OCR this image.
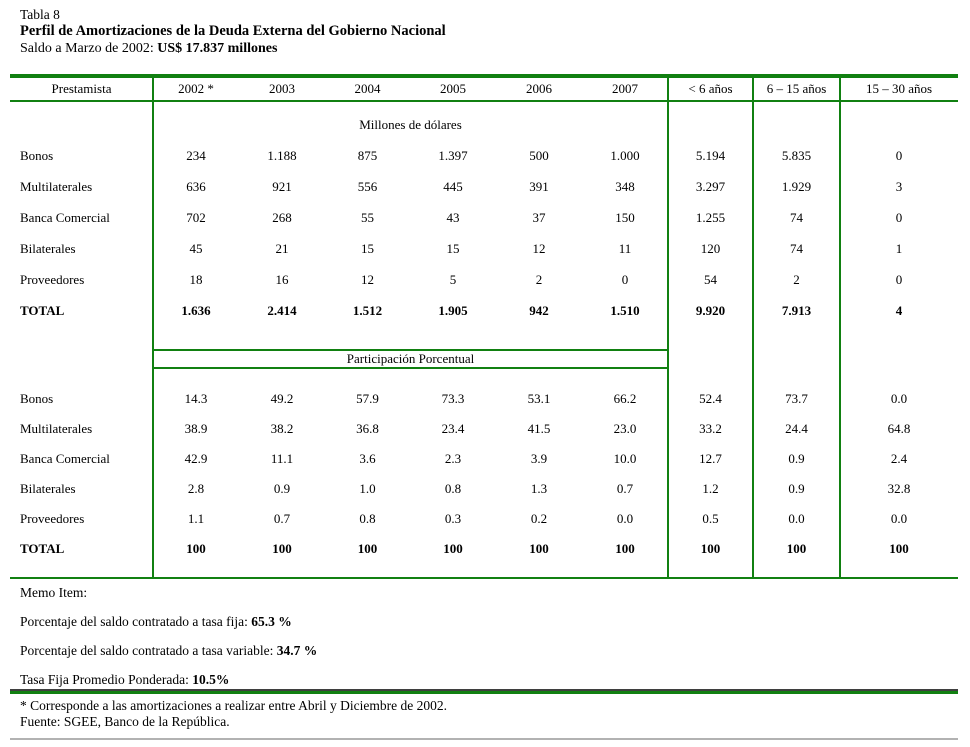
Tabla 8
Perfil de Amortizaciones de la Deuda Externa del Gobierno Nacional
Saldo a Marzo de 2002: US$ 17.837 millones
Prestamista	2002 *	2003	2004	2005	2006	2007	< 6 años	6 – 15 años	15 – 30 años
Millones de dólares
Participación Porcentual
Bonos	234	1.188	875	1.397	500	1.000	5.194	5.835	0
Multilaterales	636	921	556	445	391	348	3.297	1.929	3
Banca Comercial	702	268	55	43	37	150	1.255	74	0
Bilaterales	45	21	15	15	12	11	120	74	1
Proveedores	18	16	12	5	2	0	54	2	0
TOTAL	1.636	2.414	1.512	1.905	942	1.510	9.920	7.913	4
Bonos	14.3	49.2	57.9	73.3	53.1	66.2	52.4	73.7	0.0
Multilaterales	38.9	38.2	36.8	23.4	41.5	23.0	33.2	24.4	64.8
Banca Comercial	42.9	11.1	3.6	2.3	3.9	10.0	12.7	0.9	2.4
Bilaterales	2.8	0.9	1.0	0.8	1.3	0.7	1.2	0.9	32.8
Proveedores	1.1	0.7	0.8	0.3	0.2	0.0	0.5	0.0	0.0
TOTAL	100	100	100	100	100	100	100	100	100
Memo Item:
Porcentaje del saldo contratado a tasa fija: 65.3 %
Porcentaje del saldo contratado a tasa variable: 34.7 %
Tasa Fija Promedio Ponderada: 10.5%
* Corresponde a las amortizaciones a realizar entre Abril y Diciembre de 2002.
Fuente: SGEE, Banco de la República.
